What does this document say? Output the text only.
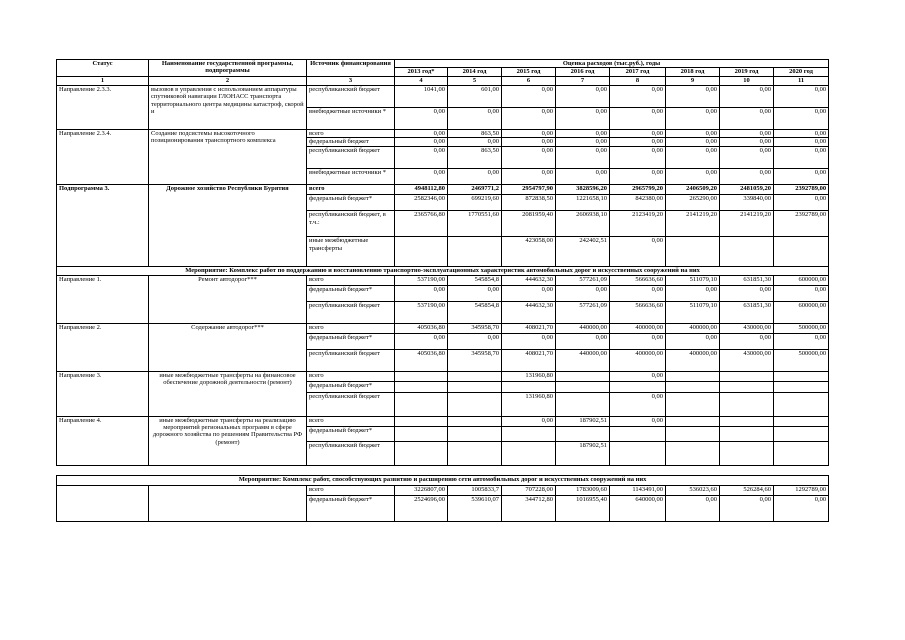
Статус	Наименование государственной программы, подпрограммы	Источник финансирования	Оценка расходов (тыс.руб.), годы							
			2013 год*	2014 год	2015 год	2016 год	2017 год	2018 год	2019 год	2020 год
1	2	3	4	5	6	7	8	9	10	11
Направление 2.3.3.	вызовов в управления с использованием аппаратуры спутниковой навигации ГЛОНАСС транспорта территориального центра медицины катастроф, скорой и	республиканский бюджет	1041,00	601,00	0,00	0,00	0,00	0,00	0,00	0,00
		внебюджетные источники *	0,00	0,00	0,00	0,00	0,00	0,00	0,00	0,00
Направление 2.3.4.	Создание подсистемы высокоточного позиционирования транспортного комплекса	всего	0,00	863,50	0,00	0,00	0,00	0,00	0,00	0,00
		федеральный бюджет	0,00	0,00	0,00	0,00	0,00	0,00	0,00	0,00
		республиканский бюджет	0,00	863,50	0,00	0,00	0,00	0,00	0,00	0,00
		внебюджетные источники *	0,00	0,00	0,00	0,00	0,00	0,00	0,00	0,00
Подпрограмма 3.	Дорожное хозяйство Республики Бурятия	всего	4948112,80	2469771,2	2954797,90	3828596,20	2965799,20	2406509,20	2481059,20	2392789,00
		федеральный бюджет*	2582346,00	699219,60	872838,50	1221658,10	842380,00	265290,00	339840,00	0,00
		республиканский бюджет, в т.ч.:	2365766,80	1770551,60	2081959,40	2606938,10	2123419,20	2141219,20	2141219,20	2392789,00
		иные межбюджетные трансферты			423058,00	242402,51	0,00			
Мероприятие: Комплекс работ по поддержанию и восстановлению транспортно-эксплуатационных характеристик автомобильных дорог и искусственных сооружений на них										
Направление 1.	Ремонт автодорог***	всего	537190,00	545854,8	444632,30	577261,09	566636,60	511079,10	631851,30	600000,00
		федеральный бюджет*	0,00	0,00	0,00	0,00	0,00	0,00	0,00	0,00
		республиканский бюджет	537190,00	545854,8	444632,30	577261,09	566636,60	511079,10	631851,30	600000,00
Направление 2.	Содержание автодорог***	всего	405036,80	345958,70	408021,70	440000,00	400000,00	400000,00	430000,00	500000,00
		федеральный бюджет*	0,00	0,00	0,00	0,00	0,00	0,00	0,00	0,00
		республиканский бюджет	405036,80	345958,70	408021,70	440000,00	400000,00	400000,00	430000,00	500000,00
Направление 3.	иные межбюджетные трансферты на финансовое обеспечение дорожной деятельности (ремонт)	всего			131960,80		0,00			
		федеральный бюджет*								
		республиканский бюджет			131960,80		0,00			
Направление 4.	иные межбюджетные трансферты на реализацию мероприятий региональных программ в сфере дорожного хозяйства по решениям Правительства РФ (ремонт)	всего			0,00	187902,51	0,00			
		федеральный бюджет*								
		республиканский бюджет				187902,51				

Мероприятие: Комплекс работ, способствующих развитию и расширению сети автомобильных дорог и искусственных сооружений на них										
		всего	3226807,00	1005833,7	707228,00	1783009,60	1143491,00	536023,60	526284,60	1292789,00
		федеральный бюджет*	2524696,00	539610,07	344712,80	1016955,40	640000,00	0,00	0,00	0,00
